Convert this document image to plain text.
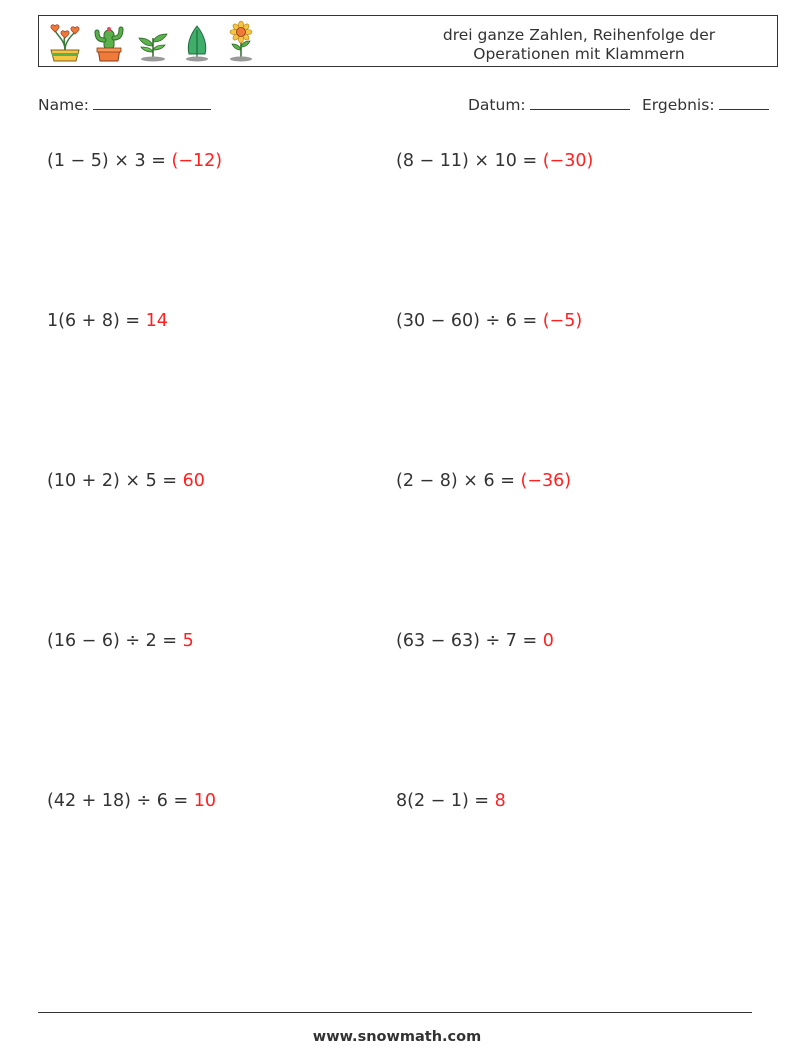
drei ganze Zahlen, Reihenfolge der
Operationen mit Klammern
Name:	Datum:	Ergebnis:
(1 − 5) × 3 = (−12)	(8 − 11) × 10 = (−30)
1(6 + 8) = 14	(30 − 60) ÷ 6 = (−5)
(10 + 2) × 5 = 60	(2 − 8) × 6 = (−36)
(16 − 6) ÷ 2 = 5	(63 − 63) ÷ 7 = 0
(42 + 18) ÷ 6 = 10	8(2 − 1) = 8
www.snowmath.com
